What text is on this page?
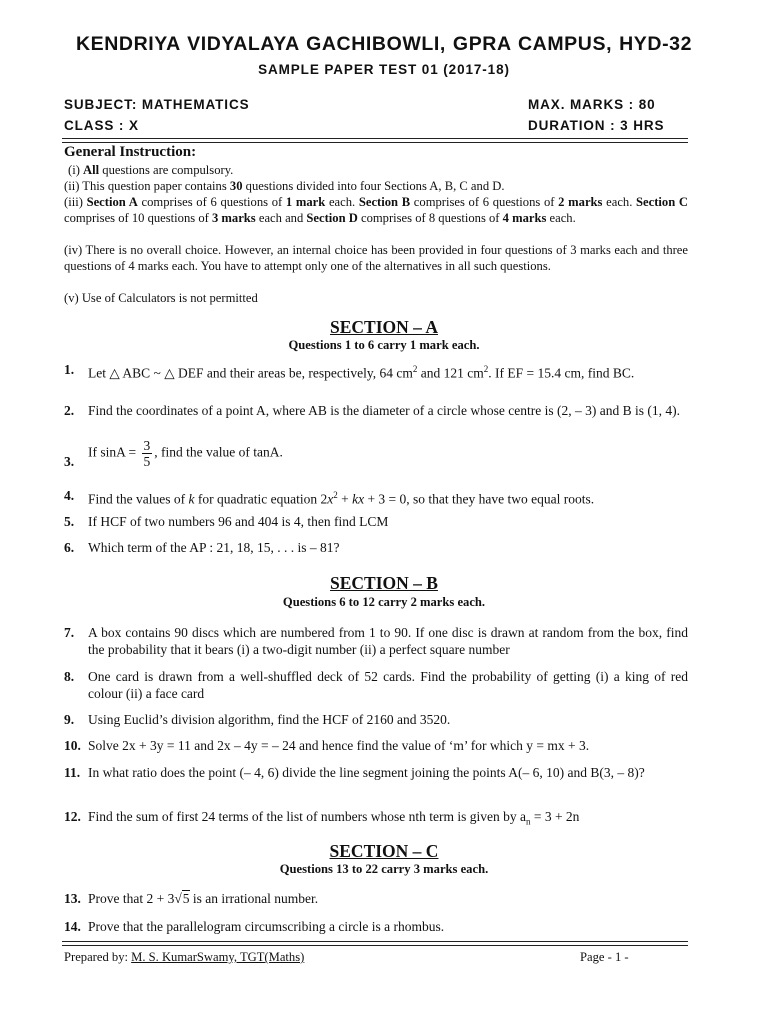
KENDRIYA VIDYALAYA GACHIBOWLI, GPRA CAMPUS, HYD-32
SAMPLE PAPER TEST 01 (2017-18)
SUBJECT: MATHEMATICS
CLASS : X
MAX. MARKS : 80
DURATION : 3 HRS
General Instruction:
(i) All questions are compulsory.
(ii) This question paper contains 30 questions divided into four Sections A, B, C and D.
(iii) Section A comprises of 6 questions of 1 mark each. Section B comprises of 6 questions of 2 marks each. Section C comprises of 10 questions of 3 marks each and Section D comprises of 8 questions of 4 marks each.
(iv) There is no overall choice. However, an internal choice has been provided in four questions of 3 marks each and three questions of 4 marks each. You have to attempt only one of the alternatives in all such questions.
(v) Use of Calculators is not permitted
SECTION – A
Questions 1 to 6 carry 1 mark each.
1. Let △ ABC ~ △ DEF and their areas be, respectively, 64 $cm^2$ and 121 $cm^2$. If EF = 15.4 cm, find BC.
2. Find the coordinates of a point A, where AB is the diameter of a circle whose centre is (2, – 3) and B is (1, 4).
3.
If $\sin A = \frac{3}{5}$ , find the value of tanA.
4. Find the values of k for quadratic equation $2x^2$ + kx + 3 = 0, so that they have two equal roots.
5. If HCF of two numbers 96 and 404 is 4, then find LCM
6. Which term of the AP : 21, 18, 15, . . . is – 81?
SECTION – B
Questions 6 to 12 carry 2 marks each.
7. A box contains 90 discs which are numbered from 1 to 90. If one disc is drawn at random from the box, find the probability that it bears (i) a two-digit number (ii) a perfect square number
8. One card is drawn from a well-shuffled deck of 52 cards. Find the probability of getting (i) a king of red colour (ii) a face card
9. Using Euclid’s division algorithm, find the HCF of 2160 and 3520.
10. Solve 2x + 3y = 11 and 2x – 4y = – 24 and hence find the value of ‘m’ for which y = mx + 3.
11. In what ratio does the point (– 4, 6) divide the line segment joining the points A(– 6, 10) and B(3, – 8)?
12. Find the sum of first 24 terms of the list of numbers whose nth term is given by $a_n = 3 + 2n$
SECTION – C
Questions 13 to 22 carry 3 marks each.
13. Prove that 2 + 3√5 is an irrational number.
14. Prove that the parallelogram circumscribing a circle is a rhombus.
Prepared by: M. S. KumarSwamy, TGT(Maths)	Page - 1 -
